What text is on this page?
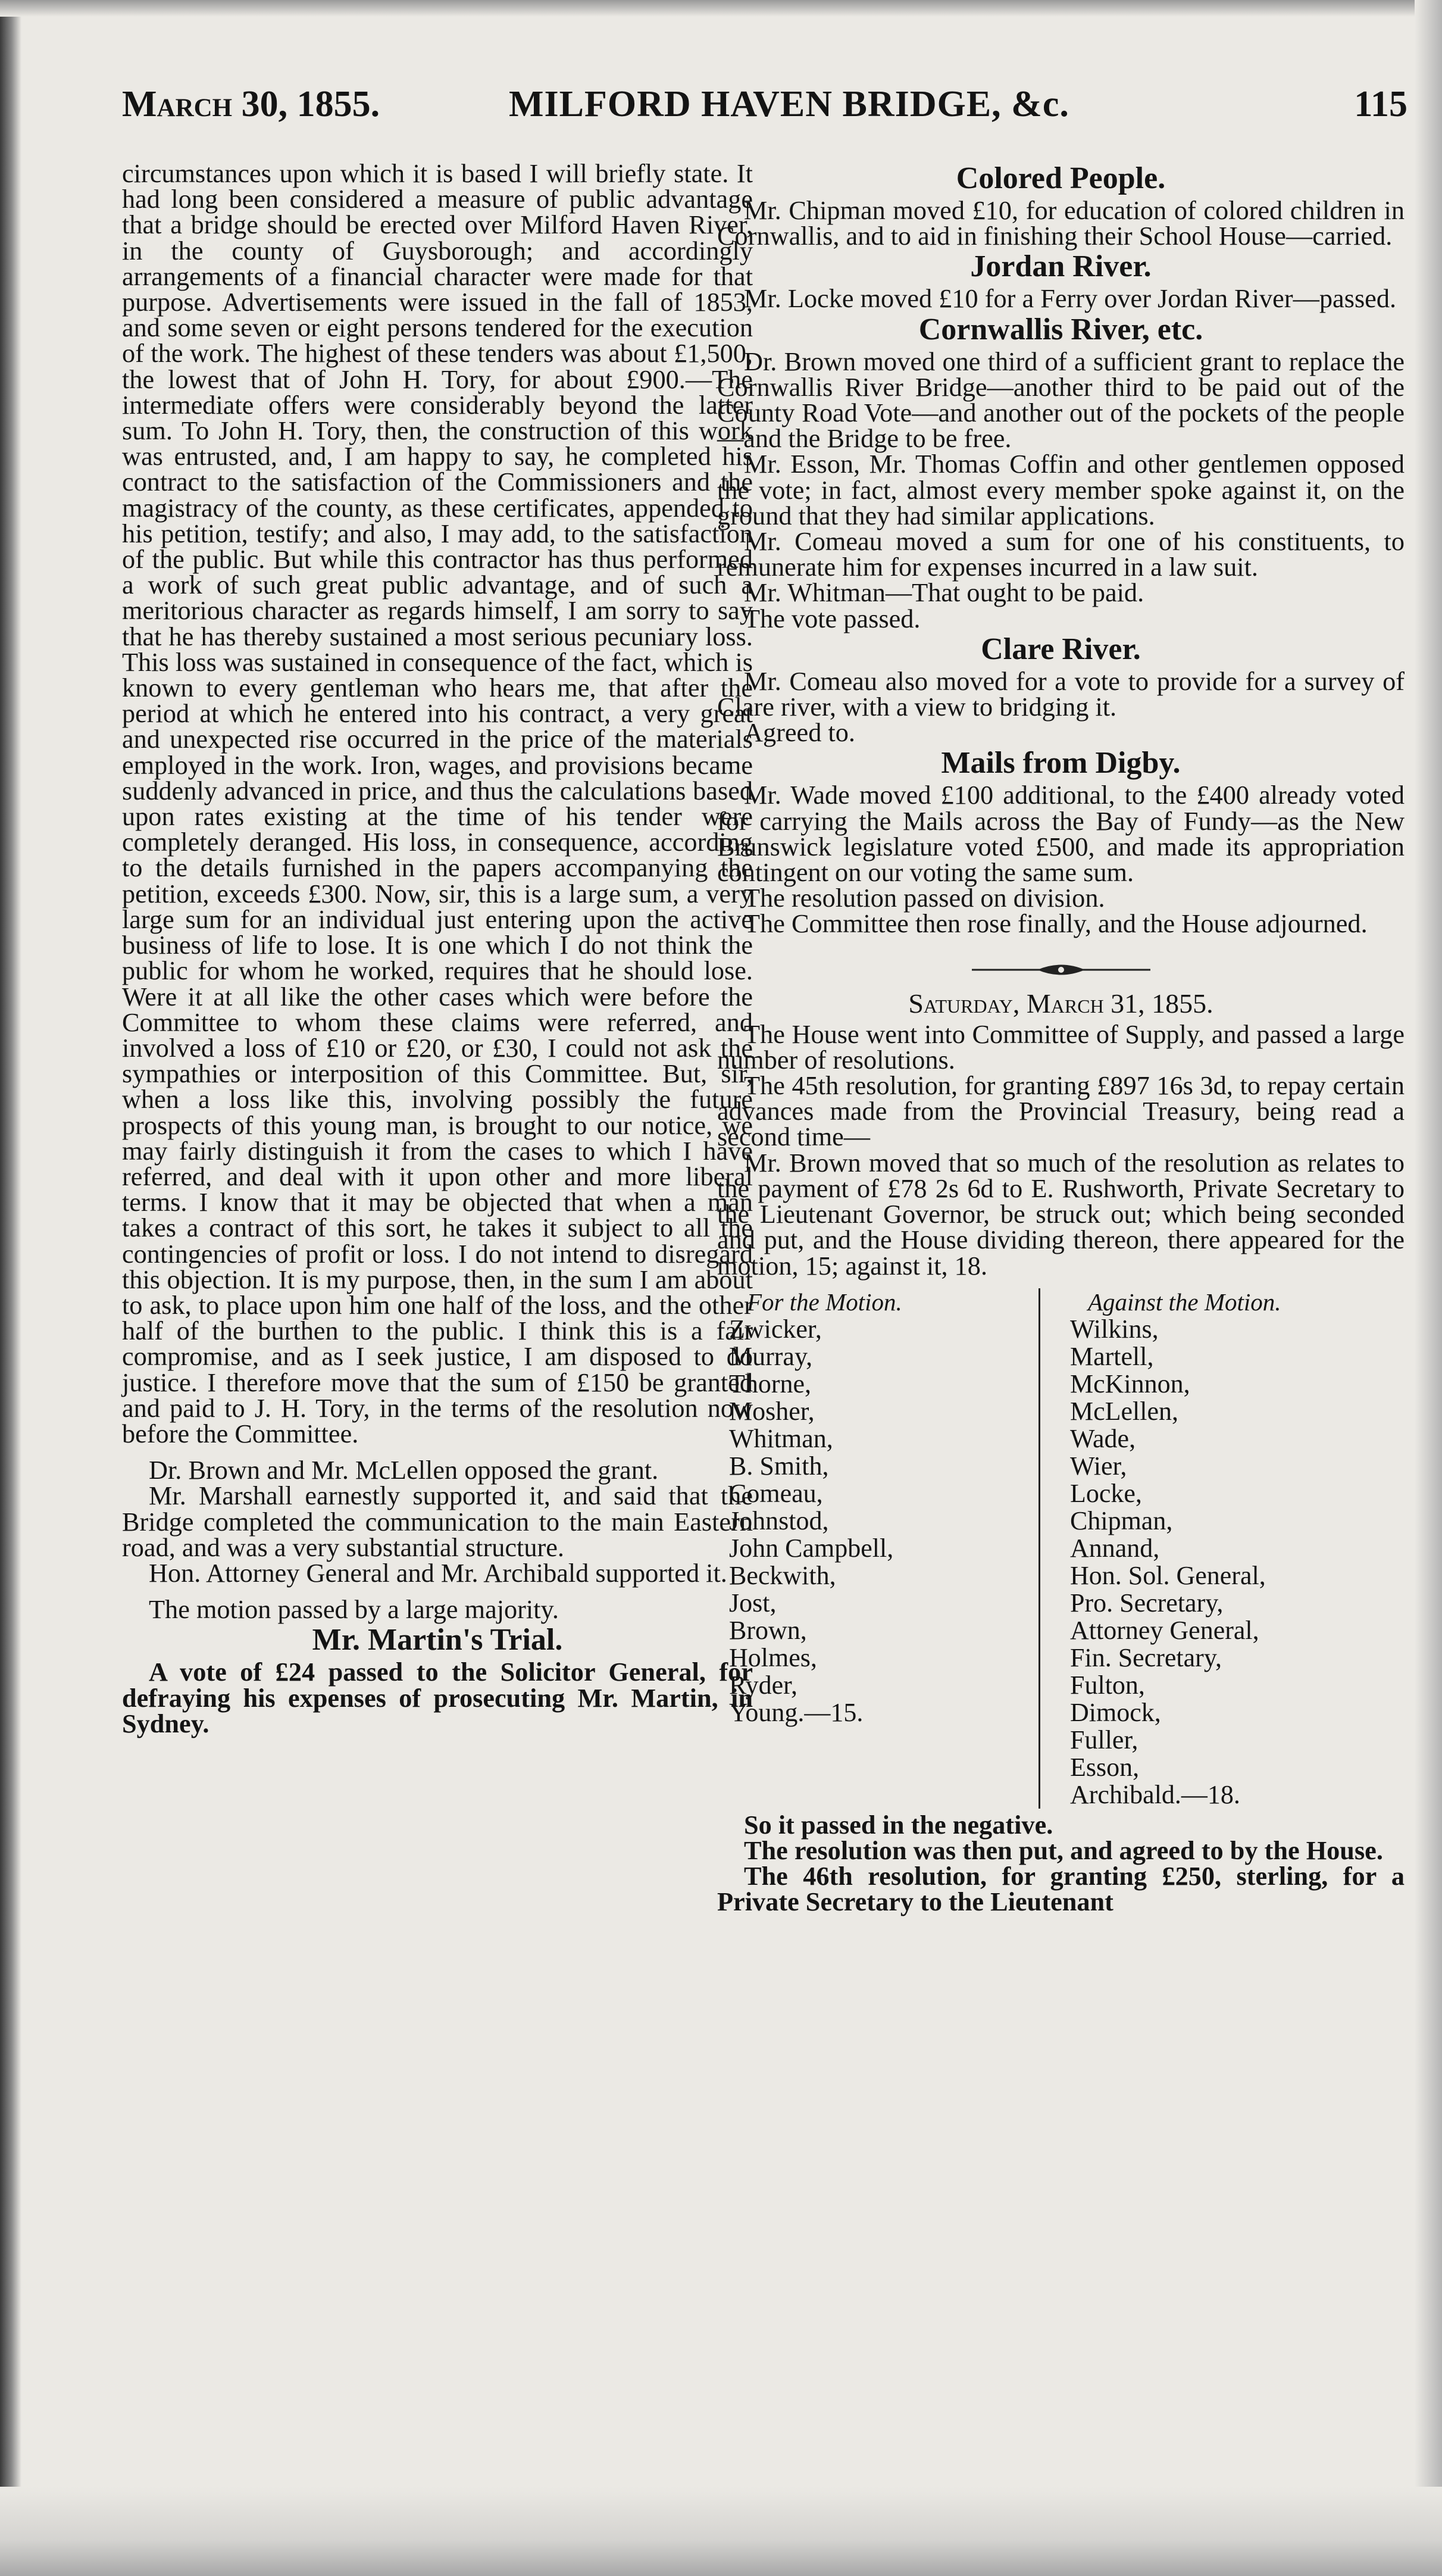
March 30, 1855.	MILFORD HAVEN BRIDGE, &c.	115

circumstances upon which it is based I will briefly state. It had long been considered a measure of public advantage that a bridge should be erected over Milford Haven River, in the county of Guysborough; and accordingly arrangements of a financial character were made for that purpose. Advertisements were issued in the fall of 1853, and some seven or eight persons tendered for the execution of the work. The highest of these tenders was about £1,500, the lowest that of John H. Tory, for about £900.—The intermediate offers were considerably beyond the latter sum. To John H. Tory, then, the construction of this work was entrusted, and, I am happy to say, he completed his contract to the satisfaction of the Commissioners and the magistracy of the county, as these certificates, appended to his petition, testify; and also, I may add, to the satisfaction of the public. But while this contractor has thus performed a work of such great public advantage, and of such a meritorious character as regards himself, I am sorry to say that he has thereby sustained a most serious pecuniary loss. This loss was sustained in consequence of the fact, which is known to every gentleman who hears me, that after the period at which he entered into his contract, a very great and unexpected rise occurred in the price of the materials employed in the work. Iron, wages, and provisions became suddenly advanced in price, and thus the calculations based upon rates existing at the time of his tender were completely deranged. His loss, in consequence, according to the details furnished in the papers accompanying the petition, exceeds £300. Now, sir, this is a large sum, a very large sum for an individual just entering upon the active business of life to lose. It is one which I do not think the public for whom he worked, requires that he should lose. Were it at all like the other cases which were before the Committee to whom these claims were referred, and involved a loss of £10 or £20, or £30, I could not ask the sympathies or interposition of this Committee. But, sir, when a loss like this, involving possibly the future prospects of this young man, is brought to our notice, we may fairly distinguish it from the cases to which I have referred, and deal with it upon other and more liberal terms. I know that it may be objected that when a man takes a contract of this sort, he takes it subject to all the contingencies of profit or loss. I do not intend to disregard this objection. It is my purpose, then, in the sum I am about to ask, to place upon him one half of the loss, and the other half of the burthen to the public. I think this is a fair compromise, and as I seek justice, I am disposed to do justice. I therefore move that the sum of £150 be granted and paid to J. H. Tory, in the terms of the resolution now before the Committee.

Dr. Brown and Mr. McLellen opposed the grant.

Mr. Marshall earnestly supported it, and said that the Bridge completed the communication to the main Eastern road, and was a very substantial structure.

Hon. Attorney General and Mr. Archibald supported it.

The motion passed by a large majority.

Mr. Martin's Trial.

A vote of £24 passed to the Solicitor General, for defraying his expenses of prosecuting Mr. Martin, in Sydney.

Colored People.

Mr. Chipman moved £10, for education of colored children in Cornwallis, and to aid in finishing their School House—carried.

Jordan River.

Mr. Locke moved £10 for a Ferry over Jordan River—passed.

Cornwallis River, etc.

Dr. Brown moved one third of a sufficient grant to replace the Cornwallis River Bridge—another third to be paid out of the County Road Vote—and another out of the pockets of the people—and the Bridge to be free.

Mr. Esson, Mr. Thomas Coffin and other gentlemen opposed the vote; in fact, almost every member spoke against it, on the ground that they had similar applications.

Mr. Comeau moved a sum for one of his constituents, to remunerate him for expenses incurred in a law suit.

Mr. Whitman—That ought to be paid.

The vote passed.

Clare River.

Mr. Comeau also moved for a vote to provide for a survey of Clare river, with a view to bridging it.

Agreed to.

Mails from Digby.

Mr. Wade moved £100 additional, to the £400 already voted for carrying the Mails across the Bay of Fundy—as the New Brunswick legislature voted £500, and made its appropriation contingent on our voting the same sum.

The resolution passed on division.

The Committee then rose finally, and the House adjourned.

Saturday, March 31, 1855.

The House went into Committee of Supply, and passed a large number of resolutions.

The 45th resolution, for granting £897 16s 3d, to repay certain advances made from the Provincial Treasury, being read a second time—

Mr. Brown moved that so much of the resolution as relates to the payment of £78 2s 6d to E. Rushworth, Private Secretary to the Lieutenant Governor, be struck out; which being seconded and put, and the House dividing thereon, there appeared for the motion, 15; against it, 18.

For the Motion.
Zwicker,
Murray,
Thorne,
Mosher,
Whitman,
B. Smith,
Comeau,
Johnstod,
John Campbell,
Beckwith,
Jost,
Brown,
Holmes,
Ryder,
Young.—15.
Against the Motion.
Wilkins,
Martell,
McKinnon,
McLellen,
Wade,
Wier,
Locke,
Chipman,
Annand,
Hon. Sol. General,
Pro. Secretary,
Attorney General,
Fin. Secretary,
Fulton,
Dimock,
Fuller,
Esson,
Archibald.—18.

So it passed in the negative.

The resolution was then put, and agreed to by the House.

The 46th resolution, for granting £250, sterling, for a Private Secretary to the Lieutenant
